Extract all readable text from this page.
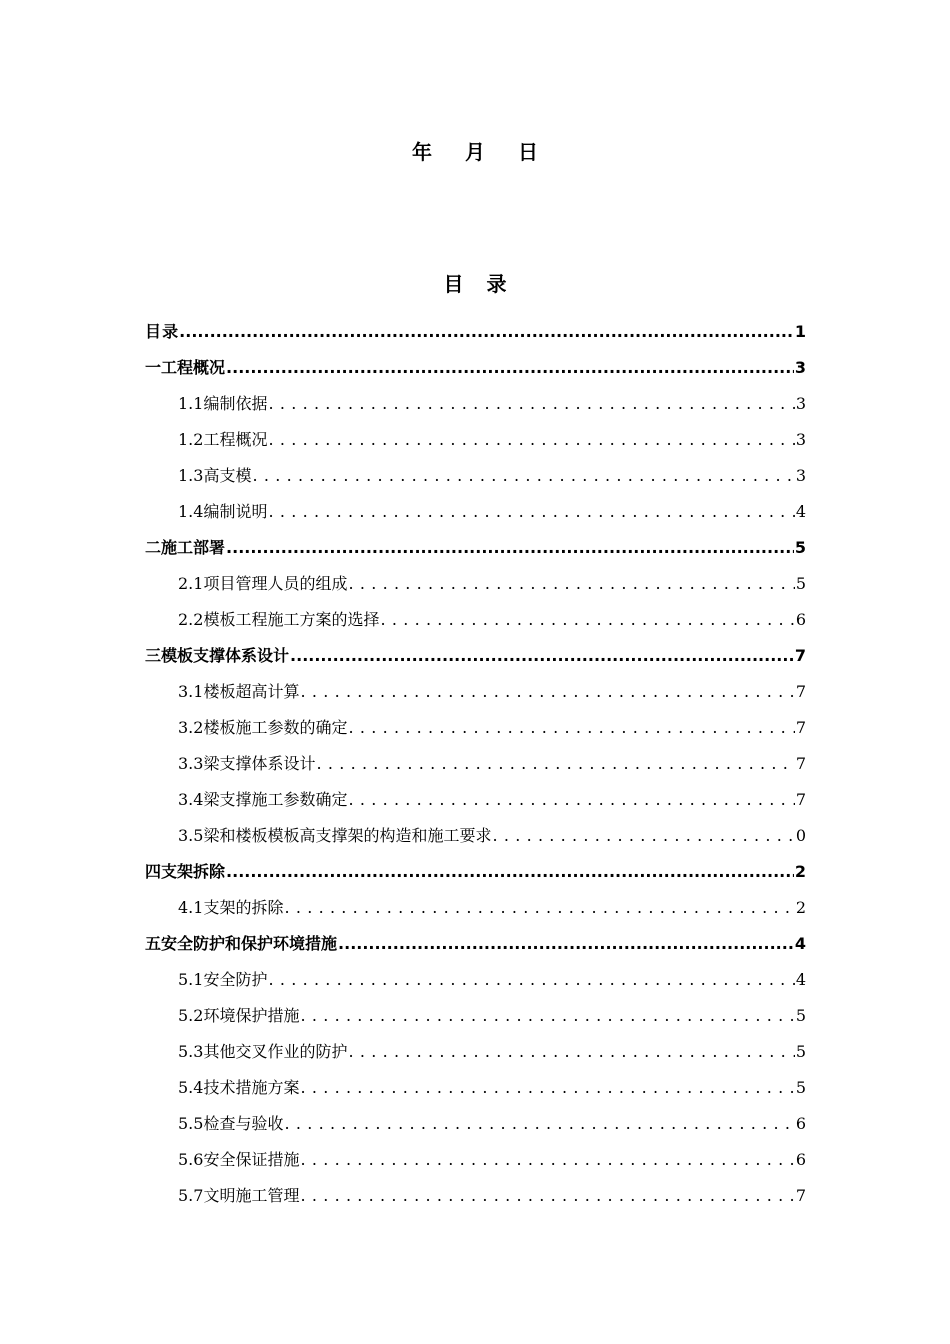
年 月 日
目 录
目 录 .....	1
一 工程概况 .....	3
1.1编制依据 . . .	3
1.2工程概况 . . .	3
1.3高支模 . . .	3
1.4编制说明 . . .	4
二 施工部署 .....	5
2.1项目管理人员的组成 . . .	5
2.2模板工程施工方案的选择 . . .	6
三 模板支撑体系设计 .....	7
3.1楼板超高计算 . . .	7
3.2楼板施工参数的确定 . . .	7
3.3梁支撑体系设计 . . .	7
3.4梁支撑施工参数确定 . . .	7
3.5梁和楼板模板高支撑架的构造和施工要求 . . .	0
四 支架拆除 .....	2
4.1支架的拆除 . . .	2
五 安全防护和保护环境措施 .....	4
5.1安全防护 . . .	4
5.2环境保护措施 . . .	5
5.3其他交叉作业的防护 . . .	5
5.4技术措施方案 . . .	5
5.5检查与验收 . . .	6
5.6安全保证措施 . . .	6
5.7文明施工管理 . . .	7
